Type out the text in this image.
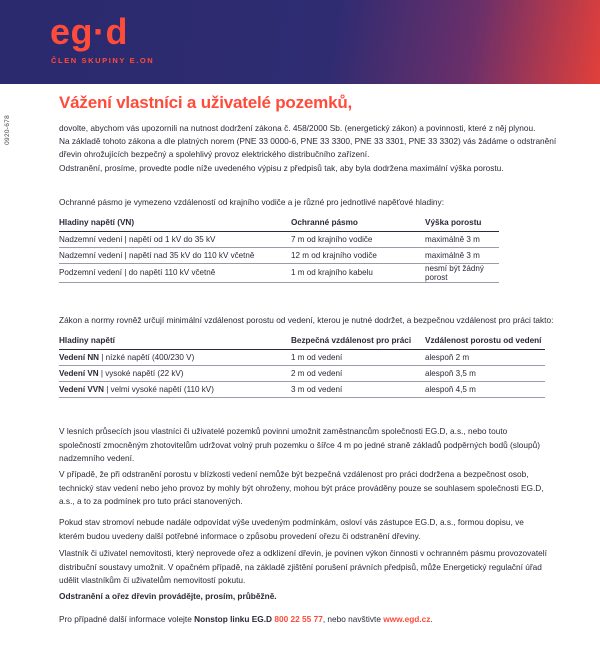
eg·d
ČLEN SKUPINY E.ON
0920-678
Vážení vlastníci a uživatelé pozemků,

dovolte, abychom vás upozornili na nutnost dodržení zákona č. 458/2000 Sb. (energetický zákon) a povinnosti, které z něj plynou.

Na základě tohoto zákona a dle platných norem (PNE 33 0000-6, PNE 33 3300, PNE 33 3301, PNE 33 3302) vás žádáme o odstranění dřevin ohrožujících bezpečný a spolehlivý provoz elektrického distribučního zařízení.

Odstranění, prosíme, provedte podle níže uvedeného výpisu z předpisů tak, aby byla dodržena maximální výška porostu.

Ochranné pásmo je vymezeno vzdáleností od krajního vodiče a je různé pro jednotlivé napěťové hladiny:

Hladiny napětí (VN)	Ochranné pásmo	Výška porostu
Nadzemní vedení | napětí od 1 kV do 35 kV	7 m od krajního vodiče	maximálně 3 m
Nadzemní vedení | napětí nad 35 kV do 110 kV včetně	12 m od krajního vodiče	maximálně 3 m
Podzemní vedení | do napětí 110 kV včetně	1 m od krajního kabelu	nesmí být žádný porost

Zákon a normy rovněž určují minimální vzdálenost porostu od vedení, kterou je nutné dodržet, a bezpečnou vzdálenost pro práci takto:

Hladiny napětí	Bezpečná vzdálenost pro práci	Vzdálenost porostu od vedení
Vedení NN | nízké napětí (400/230 V)	1 m od vedení	alespoň 2 m
Vedení VN | vysoké napětí (22 kV)	2 m od vedení	alespoň 3,5 m
Vedení VVN | velmi vysoké napětí (110 kV)	3 m od vedení	alespoň 4,5 m

V lesních průsecích jsou vlastníci či uživatelé pozemků povinni umožnit zaměstnancům společnosti EG.D, a.s., nebo touto společností zmocněným zhotovitelům udržovat volný pruh pozemku o šířce 4 m po jedné straně základů podpěrných bodů (sloupů) nadzemního vedení.

V případě, že při odstranění porostu v blízkosti vedení nemůže být bezpečná vzdálenost pro práci dodržena a bezpečnost osob, technický stav vedení nebo jeho provoz by mohly být ohroženy, mohou být práce prováděny pouze se souhlasem společnosti EG.D, a.s., a to za podmínek pro tuto práci stanovených.

Pokud stav stromoví nebude nadále odpovídat výše uvedeným podmínkám, osloví vás zástupce EG.D, a.s., formou dopisu, ve kterém budou uvedeny další potřebné informace o způsobu provedení ořezu či odstranění dřeviny.

Vlastník či uživatel nemovitosti, který neprovede ořez a odklizení dřevin, je povinen výkon činnosti v ochranném pásmu provozovatelí distribuční soustavy umožnit. V opačném případě, na základě zjištění porušení právních předpisů, může Energetický regulační úřad udělit vlastníkům či uživatelům nemovitostí pokutu.

Odstranění a ořez dřevin provádějte, prosím, průběžně.

Pro případné další informace volejte Nonstop linku EG.D 800 22 55 77, nebo navštivte www.egd.cz.
